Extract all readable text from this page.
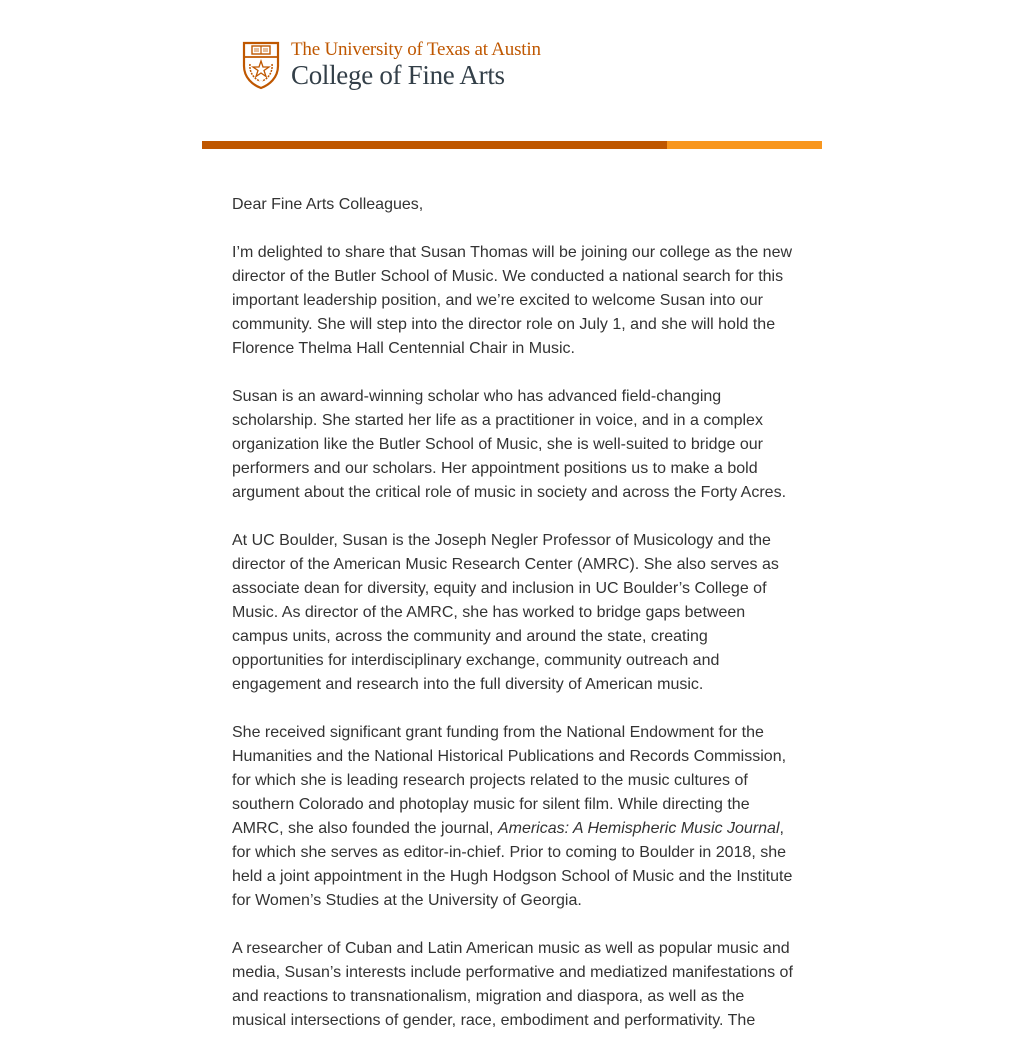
The University of Texas at Austin
College of Fine Arts

Dear Fine Arts Colleagues,

I’m delighted to share that Susan Thomas will be joining our college as the new director of the Butler School of Music. We conducted a national search for this important leadership position, and we’re excited to welcome Susan into our community. She will step into the director role on July 1, and she will hold the Florence Thelma Hall Centennial Chair in Music.

Susan is an award-winning scholar who has advanced field-changing scholarship. She started her life as a practitioner in voice, and in a complex organization like the Butler School of Music, she is well-suited to bridge our performers and our scholars. Her appointment positions us to make a bold argument about the critical role of music in society and across the Forty Acres.

At UC Boulder, Susan is the Joseph Negler Professor of Musicology and the director of the American Music Research Center (AMRC). She also serves as associate dean for diversity, equity and inclusion in UC Boulder’s College of Music. As director of the AMRC, she has worked to bridge gaps between campus units, across the community and around the state, creating opportunities for interdisciplinary exchange, community outreach and engagement and research into the full diversity of American music.

She received significant grant funding from the National Endowment for the Humanities and the National Historical Publications and Records Commission, for which she is leading research projects related to the music cultures of southern Colorado and photoplay music for silent film. While directing the AMRC, she also founded the journal, Americas: A Hemispheric Music Journal, for which she serves as editor-in-chief. Prior to coming to Boulder in 2018, she held a joint appointment in the Hugh Hodgson School of Music and the Institute for Women’s Studies at the University of Georgia.

A researcher of Cuban and Latin American music as well as popular music and media, Susan’s interests include performative and mediatized manifestations of and reactions to transnationalism, migration and diaspora, as well as the musical intersections of gender, race, embodiment and performativity. The
